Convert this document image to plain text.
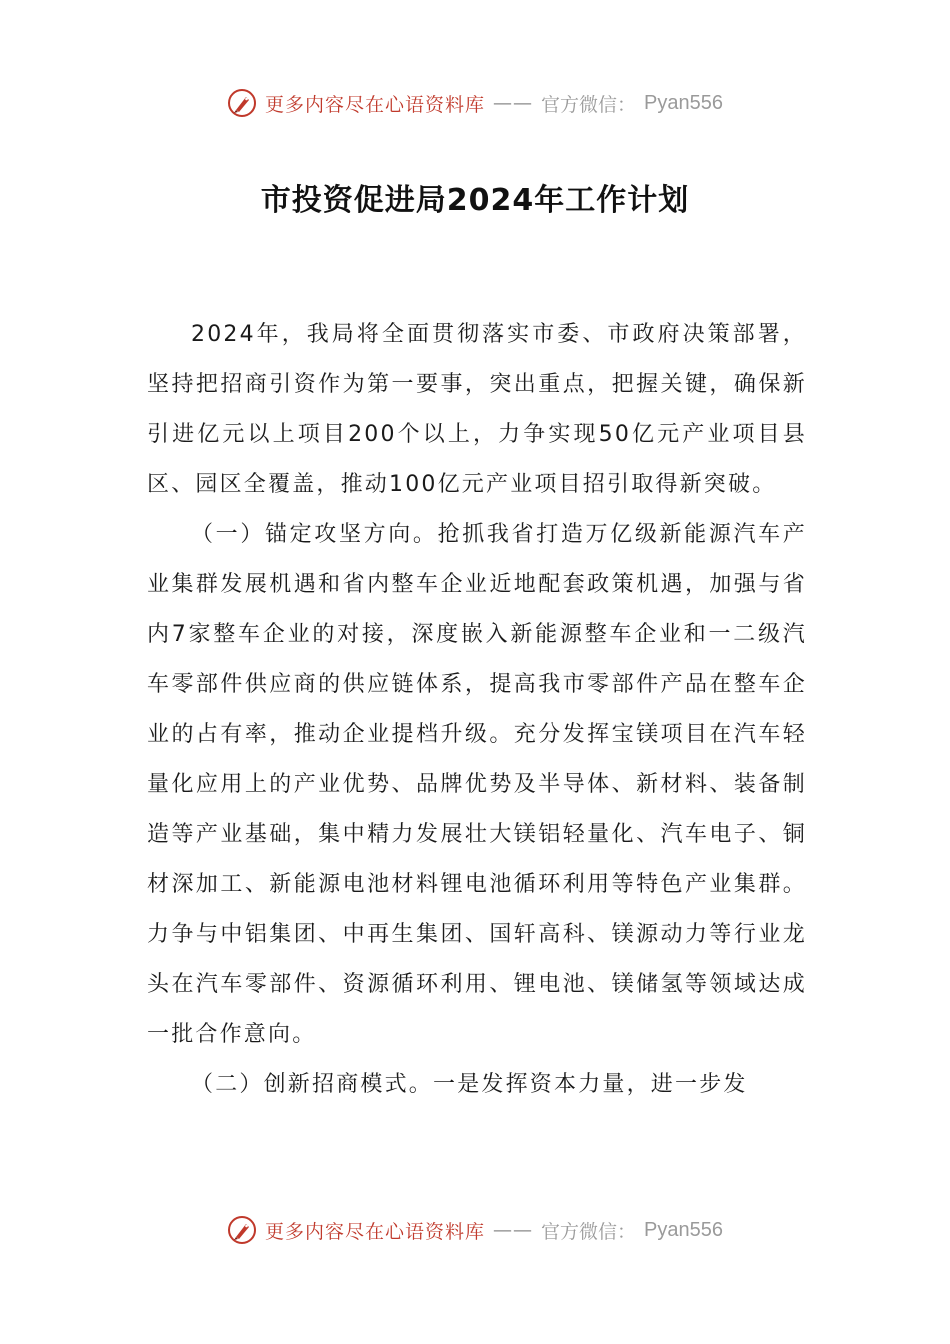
更多内容尽在心语资料库 —— 官方微信： Pyan556
市投资促进局2024年工作计划

2024年，我局将全面贯彻落实市委、市政府决策部署，坚持把招商引资作为第一要事，突出重点，把握关键，确保新引进亿元以上项目200个以上，力争实现50亿元产业项目县区、园区全覆盖，推动100亿元产业项目招引取得新突破。

（一）锚定攻坚方向。抢抓我省打造万亿级新能源汽车产业集群发展机遇和省内整车企业近地配套政策机遇，加强与省内7家整车企业的对接，深度嵌入新能源整车企业和一二级汽车零部件供应商的供应链体系，提高我市零部件产品在整车企业的占有率，推动企业提档升级。充分发挥宝镁项目在汽车轻量化应用上的产业优势、品牌优势及半导体、新材料、装备制造等产业基础，集中精力发展壮大镁铝轻量化、汽车电子、铜材深加工、新能源电池材料锂电池循环利用等特色产业集群。力争与中铝集团、中再生集团、国轩高科、镁源动力等行业龙头在汽车零部件、资源循环利用、锂电池、镁储氢等领域达成一批合作意向。

（二）创新招商模式。一是发挥资本力量，进一步发

更多内容尽在心语资料库 —— 官方微信： Pyan556
